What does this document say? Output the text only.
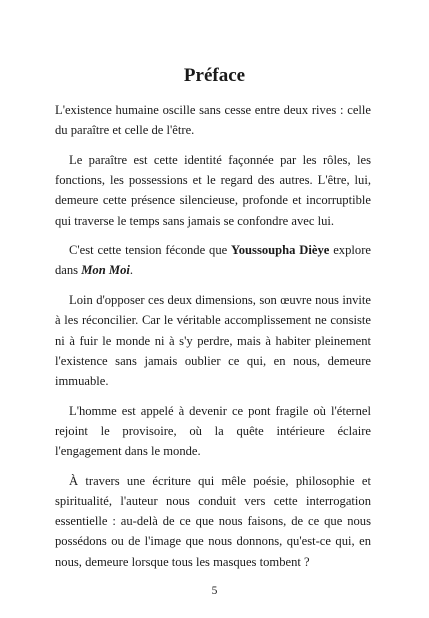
Préface

L'existence humaine oscille sans cesse entre deux rives : celle du paraître et celle de l'être.

Le paraître est cette identité façonnée par les rôles, les fonctions, les possessions et le regard des autres. L'être, lui, demeure cette présence silencieuse, profonde et incorruptible qui traverse le temps sans jamais se confondre avec lui.

C'est cette tension féconde que Youssoupha Dièye explore dans Mon Moi.

Loin d'opposer ces deux dimensions, son œuvre nous invite à les réconcilier. Car le véritable accomplissement ne consiste ni à fuir le monde ni à s'y perdre, mais à habiter pleinement l'existence sans jamais oublier ce qui, en nous, demeure immuable.

L'homme est appelé à devenir ce pont fragile où l'éternel rejoint le provisoire, où la quête intérieure éclaire l'engagement dans le monde.

À travers une écriture qui mêle poésie, philosophie et spiritualité, l'auteur nous conduit vers cette interrogation essentielle : au-delà de ce que nous faisons, de ce que nous possédons ou de l'image que nous donnons, qu'est-ce qui, en nous, demeure lorsque tous les masques tombent ?

5
